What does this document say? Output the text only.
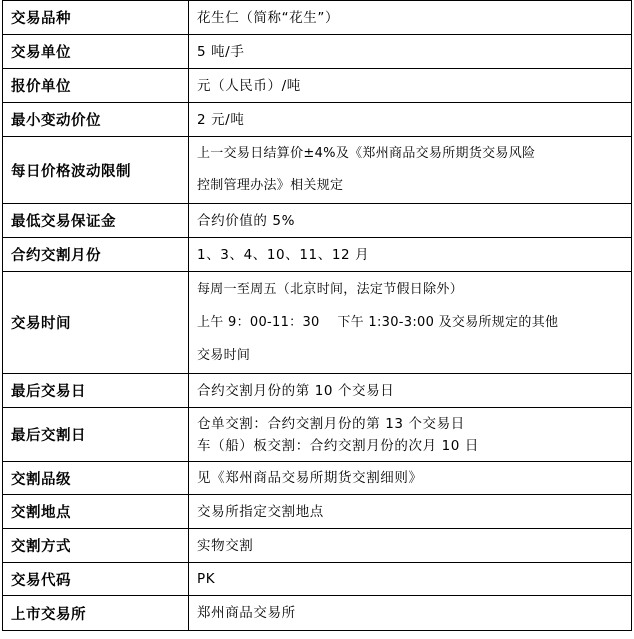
交易品种	花生仁（简称“花生”）

交易单位	5 吨/手

报价单位	元（人民币）/吨

最小变动价位	2 元/吨

每日价格波动限制	上一交易日结算价±4%及《郑州商品交易所期货交易风险
控制管理办法》相关规定

最低交易保证金	合约价值的 5%

合约交割月份	1、3、4、10、11、12 月

交易时间	每周一至周五（北京时间，法定节假日除外）
上午 9：00-11：30　 下午 1:30-3:00 及交易所规定的其他
交易时间

最后交易日	合约交割月份的第 10 个交易日

最后交割日	仓单交割：合约交割月份的第 13 个交易日
车（船）板交割：合约交割月份的次月 10 日

交割品级	见《郑州商品交易所期货交割细则》

交割地点	交易所指定交割地点

交割方式	实物交割

交易代码	PK

上市交易所	郑州商品交易所
